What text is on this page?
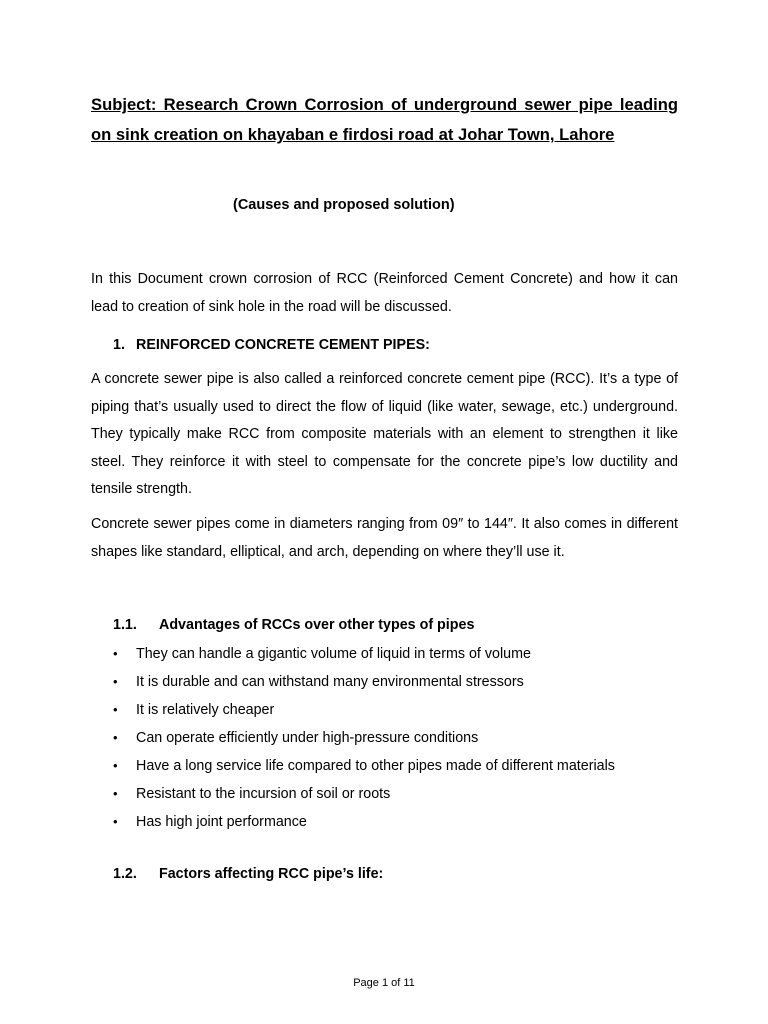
Subject: Research Crown Corrosion of underground sewer pipe leading on sink creation on khayaban e firdosi road at Johar Town, Lahore
(Causes and proposed solution)
In this Document crown corrosion of RCC (Reinforced Cement Concrete) and how it can lead to creation of sink hole in the road will be discussed.
1. REINFORCED CONCRETE CEMENT PIPES:
A concrete sewer pipe is also called a reinforced concrete cement pipe (RCC). It’s a type of piping that’s usually used to direct the flow of liquid (like water, sewage, etc.) underground. They typically make RCC from composite materials with an element to strengthen it like steel. They reinforce it with steel to compensate for the concrete pipe’s low ductility and tensile strength.
Concrete sewer pipes come in diameters ranging from 09″ to 144″. It also comes in different shapes like standard, elliptical, and arch, depending on where they’ll use it.
1.1. Advantages of RCCs over other types of pipes
• They can handle a gigantic volume of liquid in terms of volume
• It is durable and can withstand many environmental stressors
• It is relatively cheaper
• Can operate efficiently under high-pressure conditions
• Have a long service life compared to other pipes made of different materials
• Resistant to the incursion of soil or roots
• Has high joint performance
1.2. Factors affecting RCC pipe’s life:
Page 1 of 11
